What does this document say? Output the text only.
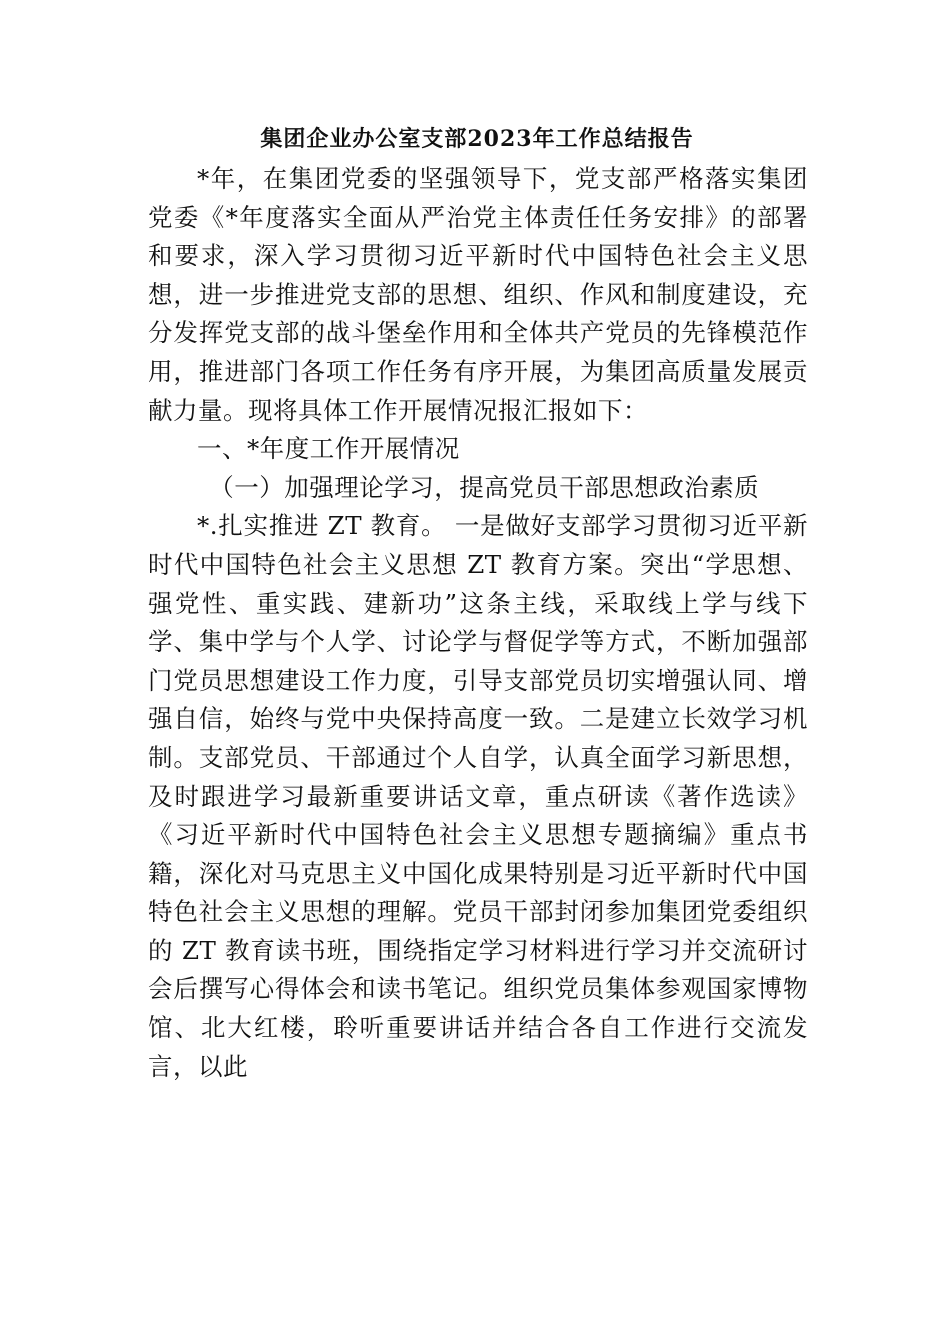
集团企业办公室支部2023年工作总结报告

*年，在集团党委的坚强领导下，党支部严格落实集团党委《*年度落实全面从严治党主体责任任务安排》的部署和要求，深入学习贯彻习近平新时代中国特色社会主义思想，进一步推进党支部的思想、组织、作风和制度建设，充分发挥党支部的战斗堡垒作用和全体共产党员的先锋模范作用，推进部门各项工作任务有序开展，为集团高质量发展贡献力量。现将具体工作开展情况报汇报如下：

一、*年度工作开展情况

（一）加强理论学习，提高党员干部思想政治素质

*.扎实推进 ZT 教育。 一是做好支部学习贯彻习近平新时代中国特色社会主义思想 ZT 教育方案。突出“学思想、强党性、重实践、建新功”这条主线，采取线上学与线下学、集中学与个人学、讨论学与督促学等方式，不断加强部门党员思想建设工作力度，引导支部党员切实增强认同、增强自信，始终与党中央保持高度一致。二是建立长效学习机制。支部党员、干部通过个人自学，认真全面学习新思想，及时跟进学习最新重要讲话文章，重点研读《著作选读》《习近平新时代中国特色社会主义思想专题摘编》重点书籍，深化对马克思主义中国化成果特别是习近平新时代中国特色社会主义思想的理解。党员干部封闭参加集团党委组织的 ZT 教育读书班，围绕指定学习材料进行学习并交流研讨会后撰写心得体会和读书笔记。组织党员集体参观国家博物馆、北大红楼，聆听重要讲话并结合各自工作进行交流发言，以此
